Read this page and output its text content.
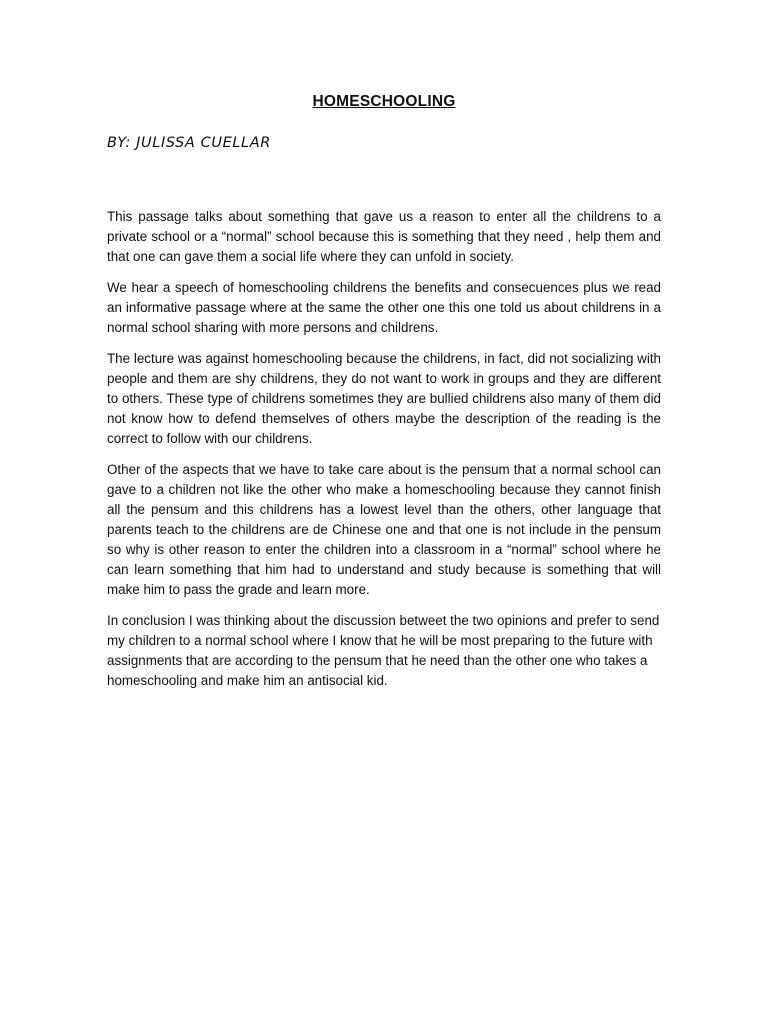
HOMESCHOOLING

BY: JULISSA CUELLAR

This passage talks about something that gave us a reason to enter all the childrens to a private school or a “normal” school because this is something that they need , help them and that one can gave them a social life where they can unfold in society.

We hear a speech of homeschooling childrens the benefits and consecuences plus we read an informative passage where at the same the other one this one told us about childrens in a normal school sharing with more persons and childrens.

The lecture was against homeschooling because the childrens, in fact, did not socializing with people and them are shy childrens, they do not want to work in groups and they are different to others. These type of childrens sometimes they are bullied childrens also many of them did not know how to defend themselves of others maybe the description of the reading is the correct to follow with our childrens.

Other of the aspects that we have to take care about is the pensum that a normal school can gave to a children not like the other who make a homeschooling because they cannot finish all the pensum and this childrens has a lowest level than the others, other language that parents teach to the childrens are de Chinese one and that one is not include in the pensum so why is other reason to enter the children into a classroom in a “normal” school where he can learn something that him had to understand and study because is something that will make him to pass the grade and learn more.

In conclusion I was thinking about the discussion betweet the two opinions and prefer to send my children to a normal school where I know that he will be most preparing to the future with assignments that are according to the pensum that he need than the other one who takes a homeschooling and make him an antisocial kid.
